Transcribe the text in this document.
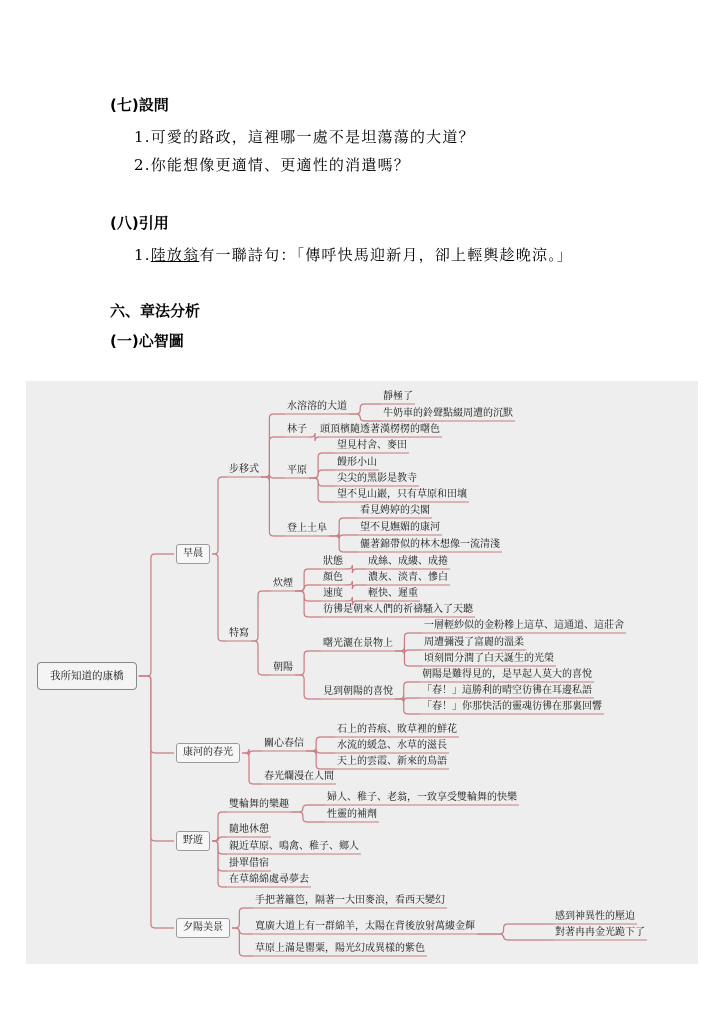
(七)設問
1.可愛的路政，這裡哪一處不是坦蕩蕩的大道？
2.你能想像更適情、更適性的消遣嗎？
(八)引用
1.陸放翁有一聯詩句：「傳呼快馬迎新月，卻上輕輿趁晚涼。」
六、章法分析
(一)心智圖
我所知道的康橋
早晨
步移式
水溶溶的大道
靜極了
牛奶車的鈴聲點綴周遭的沉默
林子 頭頂檳隨透著漢楞楞的曙色
平原
望見村舍、麥田
饅形小山
尖尖的黑影是教寺
望不見山巖，只有草原和田壤
登上土阜
看見娉婷的尖閣
望不見嫵媚的康河
儷著錦帶似的林木想像一流清淺
特寫
炊煙
狀態	成絲、成縷、成捲
顏色	濃灰、淡青、慘白
速度	輕快、遲重
彷彿是朝來人們的祈禱騷入了天聽
朝陽
曙光灑在景物上
一層輕紗似的金粉糝上這草、這通道、這莊舍
周遭彌漫了富麗的溫柔
頃刻間分潤了白天誕生的光榮
見到朝陽的喜悅
朝陽是難得見的，是早起人莫大的喜悅
「春！」這勝利的晴空彷彿在耳邊私語
「春！」你那快活的靈魂彷彿在那裏回響
康河的春光
關心春信
石上的苔痕、敗草裡的鮮花
水流的緩急、水草的滋長
天上的雲霞、新來的鳥語
春光爛漫在人間
野遊
雙輪舞的樂趣
婦人、稚子、老翁，一致享受雙輪舞的快樂
性靈的補劑
隨地休憩
親近草原、鳴禽、稚子、鄉人
掛單借宿
在草綿綿處尋夢去
夕陽美景
手把著籬笆，隔著一大田麥浪，看西天變幻
寬廣大道上有一群綿羊，太陽在背後放射萬縷金輝
感到神異性的壓迫
對著冉冉金光跪下了
草原上滿是罌粟，陽光幻成異樣的紫色
